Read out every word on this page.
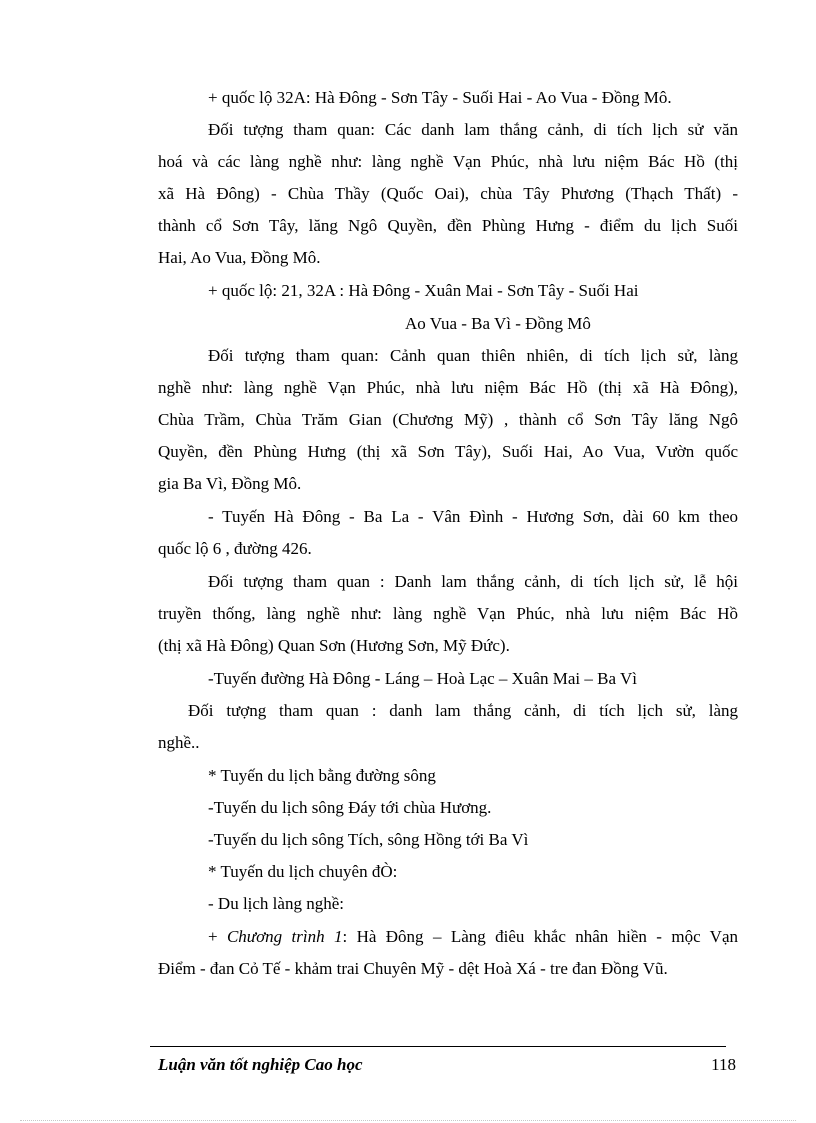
+ quốc lộ 32A: Hà Đông - Sơn Tây - Suối Hai - Ao Vua - Đồng Mô.
Đối tượng tham quan: Các danh lam thắng cảnh, di tích lịch sử văn
hoá và các làng nghề như: làng nghề Vạn Phúc, nhà lưu niệm Bác Hồ (thị
xã Hà Đông) - Chùa Thầy (Quốc Oai), chùa Tây Phương (Thạch Thất) -
thành cổ Sơn Tây, lăng Ngô Quyền, đền Phùng Hưng - điểm du lịch Suối
Hai, Ao Vua, Đồng Mô.
+ quốc lộ: 21, 32A : Hà Đông - Xuân Mai - Sơn Tây - Suối Hai
Ao Vua - Ba Vì - Đồng Mô
Đối tượng tham quan: Cảnh quan thiên nhiên, di tích lịch sử, làng
nghề như: làng nghề Vạn Phúc, nhà lưu niệm Bác Hồ (thị xã Hà Đông),
Chùa Trầm, Chùa Trăm Gian (Chương Mỹ) , thành cổ Sơn Tây lăng Ngô
Quyền, đền Phùng Hưng (thị xã Sơn Tây), Suối Hai, Ao Vua, Vườn quốc
gia Ba Vì, Đồng Mô.
- Tuyến Hà Đông - Ba La - Vân Đình - Hương Sơn, dài 60 km theo
quốc lộ 6 , đường 426.
Đối tượng tham quan : Danh lam thắng cảnh, di tích lịch sử, lễ hội
truyền thống, làng nghề như: làng nghề Vạn Phúc, nhà lưu niệm Bác Hồ
(thị xã Hà Đông) Quan Sơn (Hương Sơn, Mỹ Đức).
-Tuyến đường Hà Đông - Láng – Hoà Lạc – Xuân Mai – Ba Vì
Đối tượng tham quan : danh lam thắng cảnh, di tích lịch sử, làng
nghề..
* Tuyến du lịch bằng đường sông
-Tuyến du lịch sông Đáy tới chùa Hương.
-Tuyến du lịch sông Tích, sông Hồng tới Ba Vì
* Tuyến du lịch chuyên đÒ:
- Du lịch làng nghề:
+ Chương trình 1: Hà Đông – Làng điêu khắc nhân hiền - mộc Vạn
Điểm - đan Cỏ Tế - khảm trai Chuyên Mỹ - dệt Hoà Xá - tre đan Đồng Vũ.
Luận văn tốt nghiệp Cao học	118
